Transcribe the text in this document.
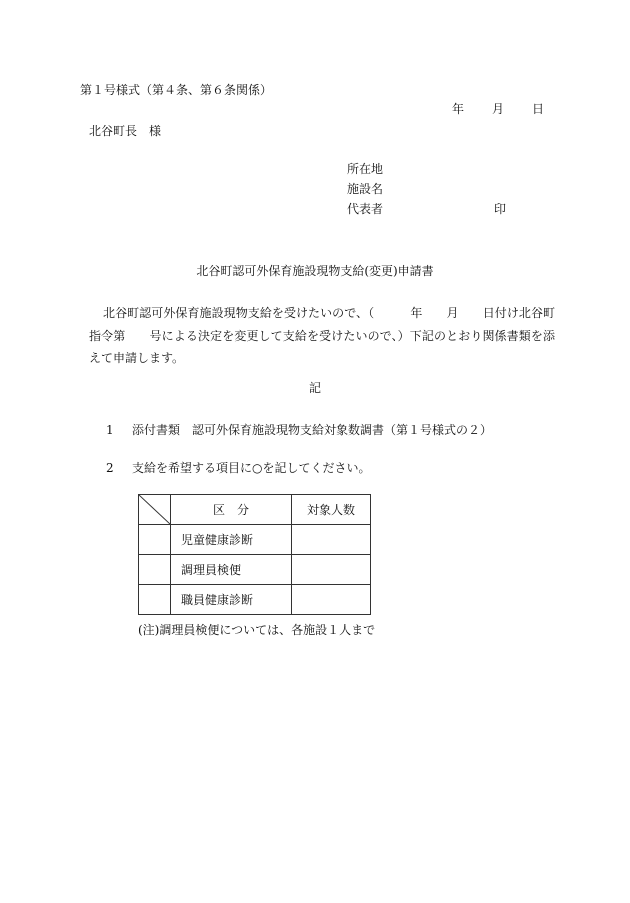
第１号様式（第４条、第６条関係）
年 月 日
北谷町長　様
所在地
施設名
代表者	印
北谷町認可外保育施設現物支給(変更)申請書
北谷町認可外保育施設現物支給を受けたいので、（　　　年　　月　　日付け北谷町指令第　　号による決定を変更して支給を受けたいので、）下記のとおり関係書類を添えて申請します。
記
1 添付書類　認可外保育施設現物支給対象数調書（第１号様式の２）
2 支給を希望する項目に○を記してください。
	区　分	対象人数
	児童健康診断	
	調理員検便	
	職員健康診断	
(注)調理員検便については、各施設１人まで
